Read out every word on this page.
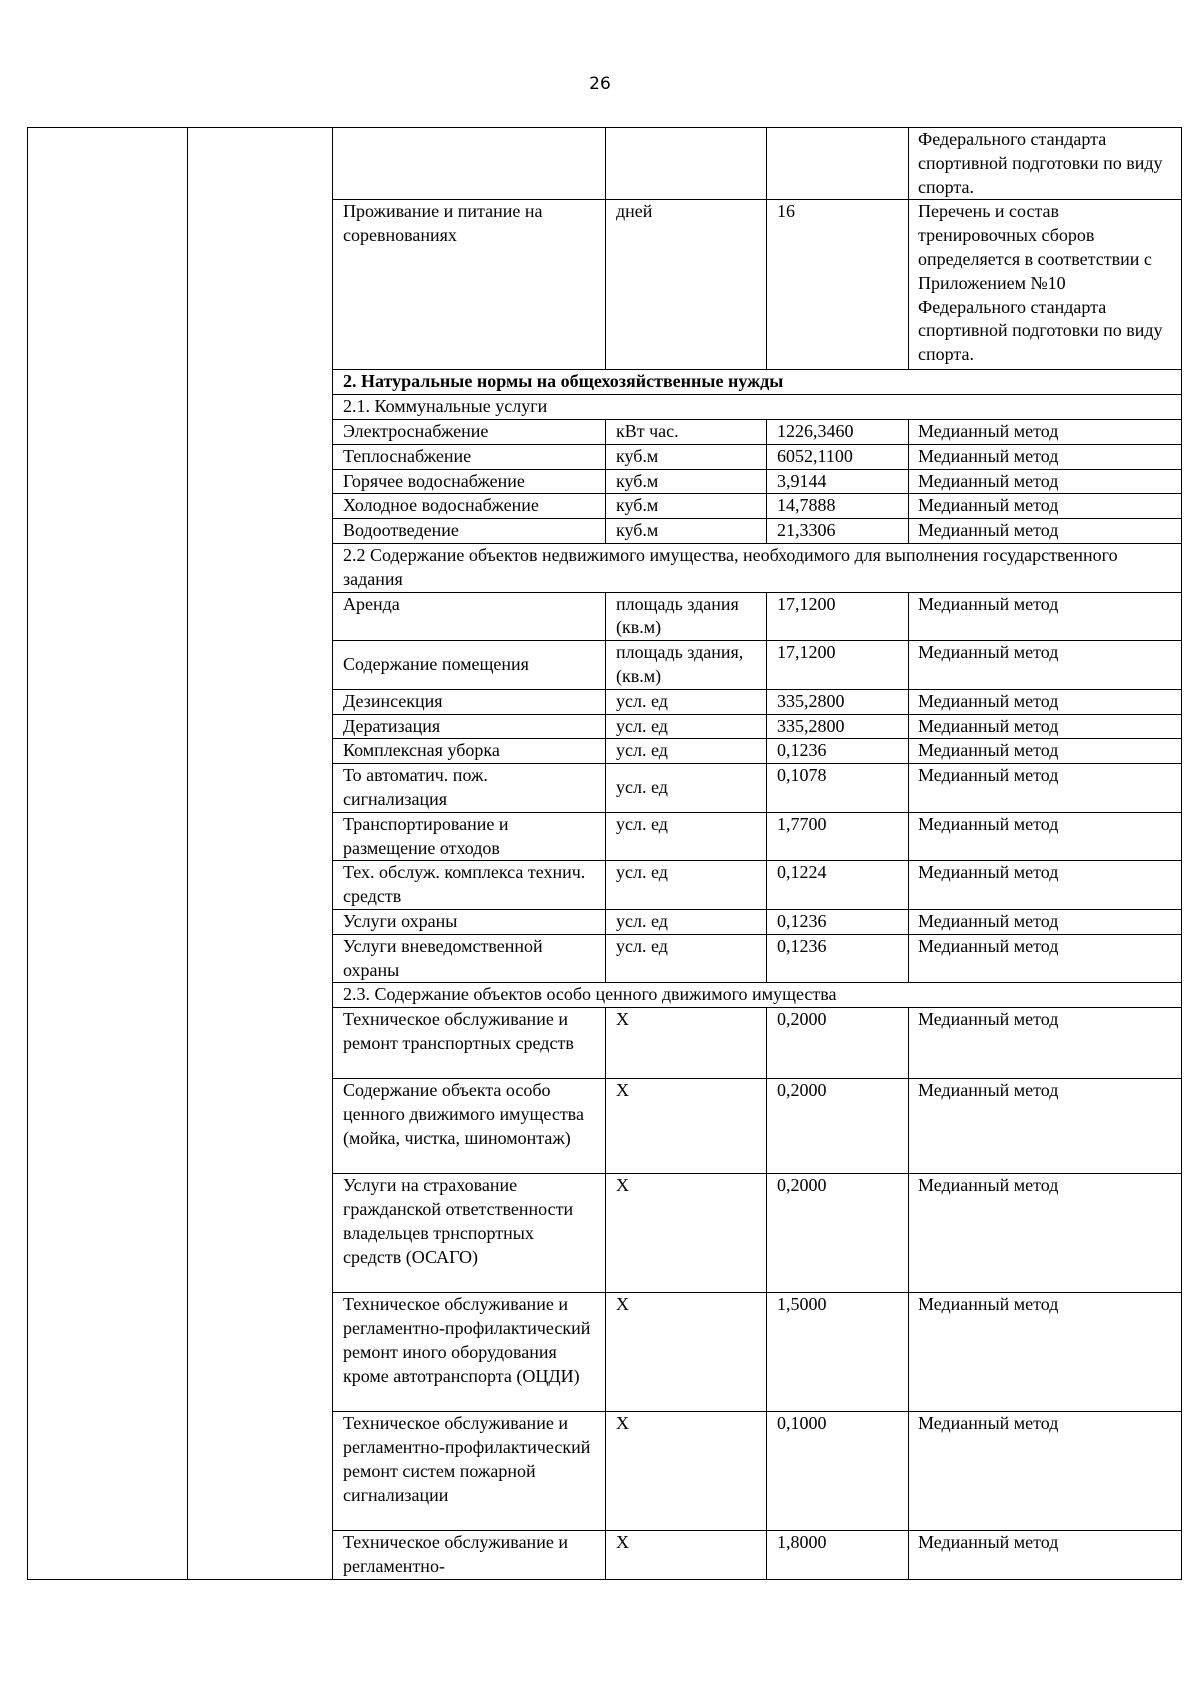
26
					Федерального стандарта спортивной подготовки по виду спорта.
		Проживание и питание на соревнованиях	дней	16	Перечень и состав тренировочных сборов определяется в соответствии с Приложением №10 Федерального стандарта спортивной подготовки по виду спорта.
		2. Натуральные нормы на общехозяйственные нужды			
		2.1. Коммунальные услуги			
		Электроснабжение	кВт час.	1226,3460	Медианный метод
		Теплоснабжение	куб.м	6052,1100	Медианный метод
		Горячее водоснабжение	куб.м	3,9144	Медианный метод
		Холодное водоснабжение	куб.м	14,7888	Медианный метод
		Водоотведение	куб.м	21,3306	Медианный метод
		2.2 Содержание объектов недвижимого имущества, необходимого для выполнения государственного задания			
		Аренда	площадь здания (кв.м)	17,1200	Медианный метод
		Содержание помещения	площадь здания, (кв.м)	17,1200	Медианный метод
		Дезинсекция	усл. ед	335,2800	Медианный метод
		Дератизация	усл. ед	335,2800	Медианный метод
		Комплексная уборка	усл. ед	0,1236	Медианный метод
		То автоматич. пож. сигнализация	усл. ед	0,1078	Медианный метод
		Транспортирование и размещение отходов	усл. ед	1,7700	Медианный метод
		Тех. обслуж. комплекса технич. средств	усл. ед	0,1224	Медианный метод
		Услуги охраны	усл. ед	0,1236	Медианный метод
		Услуги вневедомственной охраны	усл. ед	0,1236	Медианный метод
		2.3. Содержание объектов особо ценного движимого имущества			
		Техническое обслуживание и ремонт транспортных средств	Х	0,2000	Медианный метод
		Содержание объекта особо ценного движимого имущества (мойка, чистка, шиномонтаж)	Х	0,2000	Медианный метод
		Услуги на страхование гражданской ответственности владельцев трнспортных средств (ОСАГО)	Х	0,2000	Медианный метод
		Техническое обслуживание и регламентно-профилактический ремонт иного оборудования кроме автотранспорта (ОЦДИ)	Х	1,5000	Медианный метод
		Техническое обслуживание и регламентно-профилактический ремонт систем пожарной сигнализации	Х	0,1000	Медианный метод
		Техническое обслуживание и регламентно-	Х	1,8000	Медианный метод
